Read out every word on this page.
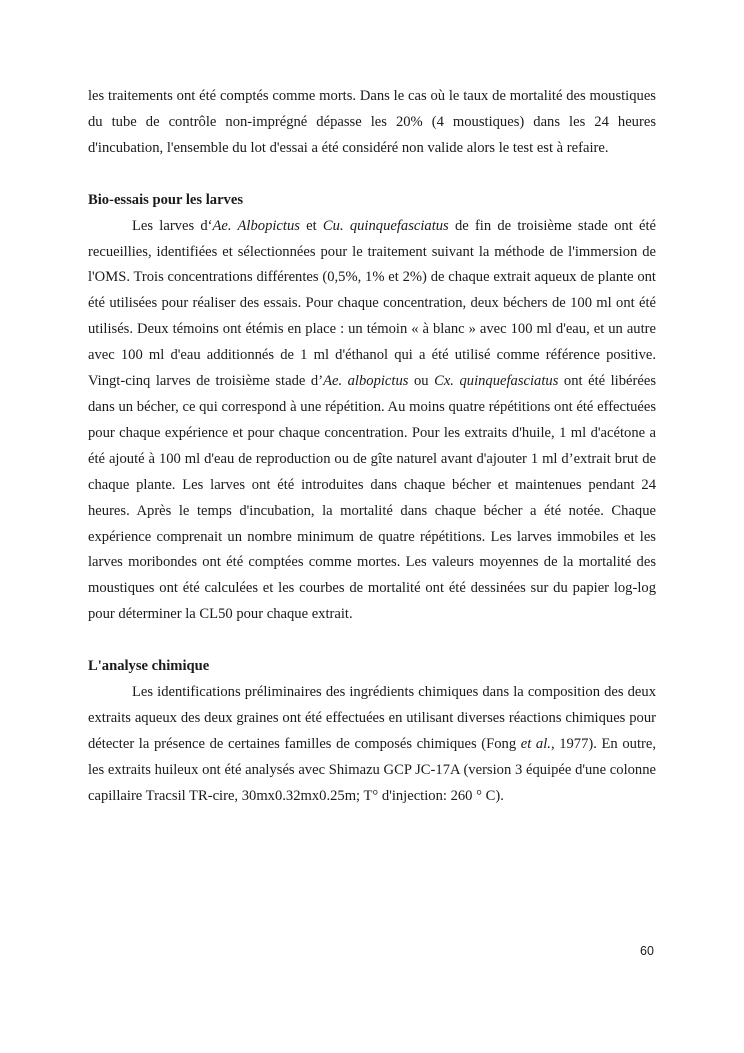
les traitements ont été comptés comme morts. Dans le cas où le taux de mortalité des moustiques du tube de contrôle non-imprégné dépasse les 20% (4 moustiques) dans les 24 heures d'incubation, l'ensemble du lot d'essai a été considéré non valide alors le test est à refaire.

Bio-essais pour les larves

Les larves d‘Ae. Albopictus et Cu. quinquefasciatus de fin de troisième stade ont été recueillies, identifiées et sélectionnées pour le traitement suivant la méthode de l'immersion de l'OMS. Trois concentrations différentes (0,5%, 1% et 2%) de chaque extrait aqueux de plante ont été utilisées pour réaliser des essais. Pour chaque concentration, deux béchers de 100 ml ont été utilisés. Deux témoins ont étémis en place : un témoin « à blanc » avec 100 ml d'eau, et un autre avec 100 ml d'eau additionnés de 1 ml d'éthanol qui a été utilisé comme référence positive. Vingt-cinq larves de troisième stade d’Ae. albopictus ou Cx. quinquefasciatus ont été libérées dans un bécher, ce qui correspond à une répétition. Au moins quatre répétitions ont été effectuées pour chaque expérience et pour chaque concentration. Pour les extraits d'huile, 1 ml d'acétone a été ajouté à 100 ml d'eau de reproduction ou de gîte naturel avant d'ajouter 1 ml d’extrait brut de chaque plante. Les larves ont été introduites dans chaque bécher et maintenues pendant 24 heures. Après le temps d'incubation, la mortalité dans chaque bécher a été notée. Chaque expérience comprenait un nombre minimum de quatre répétitions. Les larves immobiles et les larves moribondes ont été comptées comme mortes. Les valeurs moyennes de la mortalité des moustiques ont été calculées et les courbes de mortalité ont été dessinées sur du papier log-log pour déterminer la CL50 pour chaque extrait.

L'analyse chimique

Les identifications préliminaires des ingrédients chimiques dans la composition des deux extraits aqueux des deux graines ont été effectuées en utilisant diverses réactions chimiques pour détecter la présence de certaines familles de composés chimiques (Fong et al., 1977). En outre, les extraits huileux ont été analysés avec Shimazu GCP JC-17A (version 3 équipée d'une colonne capillaire Tracsil TR-cire, 30mx0.32mx0.25m; T° d'injection: 260 ° C).

60
